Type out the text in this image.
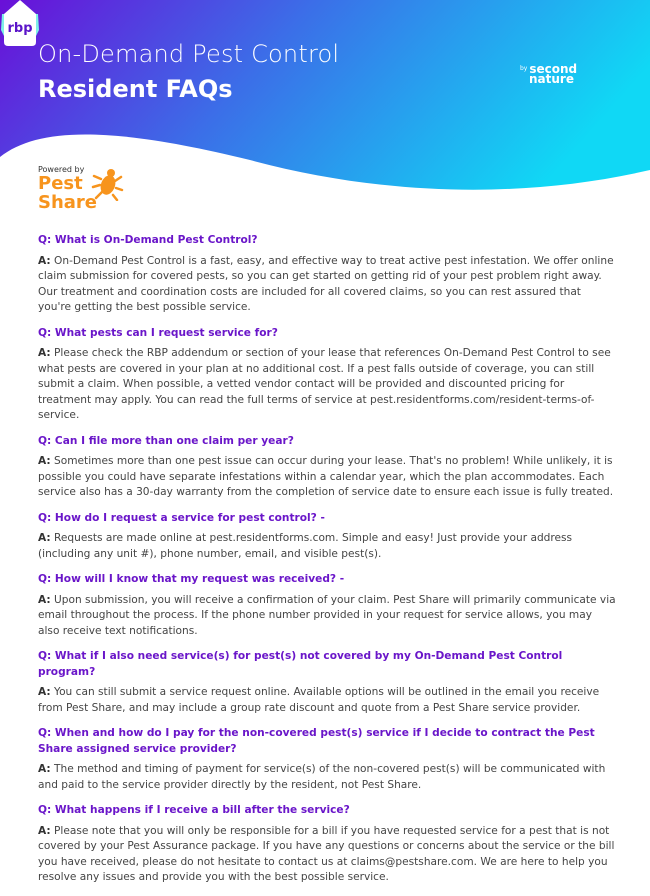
On-Demand Pest Control
Resident FAQs
rbp
$^{by}$ second
nature
Powered by
Pest
Share

Q: What is On-Demand Pest Control?

A: On-Demand Pest Control is a fast, easy, and effective way to treat active pest infestation. We offer online claim submission for covered pests, so you can get started on getting rid of your pest problem right away. Our treatment and coordination costs are included for all covered claims, so you can rest assured that you're getting the best possible service.

Q: What pests can I request service for?

A: Please check the RBP addendum or section of your lease that references On-Demand Pest Control to see what pests are covered in your plan at no additional cost. If a pest falls outside of coverage, you can still submit a claim. When possible, a vetted vendor contact will be provided and discounted pricing for treatment may apply. You can read the full terms of service at pest.residentforms.com/resident-terms-of-service.

Q: Can I file more than one claim per year?

A: Sometimes more than one pest issue can occur during your lease. That's no problem! While unlikely, it is possible you could have separate infestations within a calendar year, which the plan accommodates. Each service also has a 30-day warranty from the completion of service date to ensure each issue is fully treated.

Q: How do I request a service for pest control? -

A: Requests are made online at pest.residentforms.com. Simple and easy! Just provide your address (including any unit #), phone number, email, and visible pest(s).

Q: How will I know that my request was received? -

A: Upon submission, you will receive a confirmation of your claim. Pest Share will primarily communicate via email throughout the process. If the phone number provided in your request for service allows, you may also receive text notifications.

Q: What if I also need service(s) for pest(s) not covered by my On-Demand Pest Control program?

A: You can still submit a service request online. Available options will be outlined in the email you receive from Pest Share, and may include a group rate discount and quote from a Pest Share service provider.

Q: When and how do I pay for the non-covered pest(s) service if I decide to contract the Pest Share assigned service provider?

A: The method and timing of payment for service(s) of the non-covered pest(s) will be communicated with and paid to the service provider directly by the resident, not Pest Share.

Q: What happens if I receive a bill after the service?

A: Please note that you will only be responsible for a bill if you have requested service for a pest that is not covered by your Pest Assurance package. If you have any questions or concerns about the service or the bill you have received, please do not hesitate to contact us at claims@pestshare.com. We are here to help you resolve any issues and provide you with the best possible service.
